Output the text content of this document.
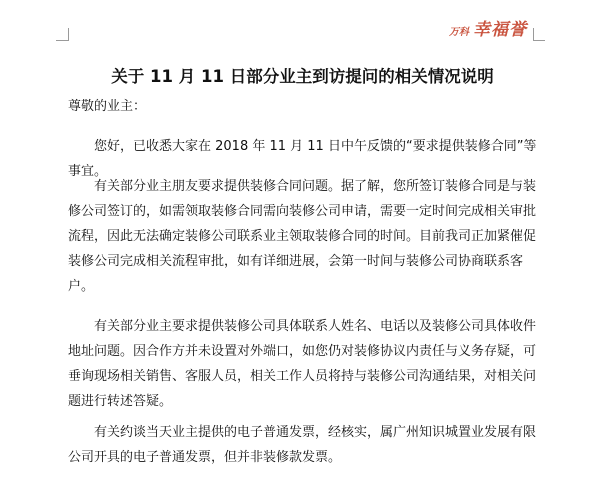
万科 幸福誉
关于 11 月 11 日部分业主到访提问的相关情况说明
尊敬的业主：
您好，已收悉大家在 2018 年 11 月 11 日中午反馈的“要求提供装修合同”等事宜。
有关部分业主朋友要求提供装修合同问题。据了解，您所签订装修合同是与装修公司签订的，如需领取装修合同需向装修公司申请，需要一定时间完成相关审批流程，因此无法确定装修公司联系业主领取装修合同的时间。目前我司正加紧催促装修公司完成相关流程审批，如有详细进展，会第一时间与装修公司协商联系客户。
有关部分业主要求提供装修公司具体联系人姓名、电话以及装修公司具体收件地址问题。因合作方并未设置对外端口，如您仍对装修协议内责任与义务存疑，可垂询现场相关销售、客服人员，相关工作人员将持与装修公司沟通结果，对相关问题进行转述答疑。
有关约谈当天业主提供的电子普通发票，经核实，属广州知识城置业发展有限公司开具的电子普通发票，但并非装修款发票。
